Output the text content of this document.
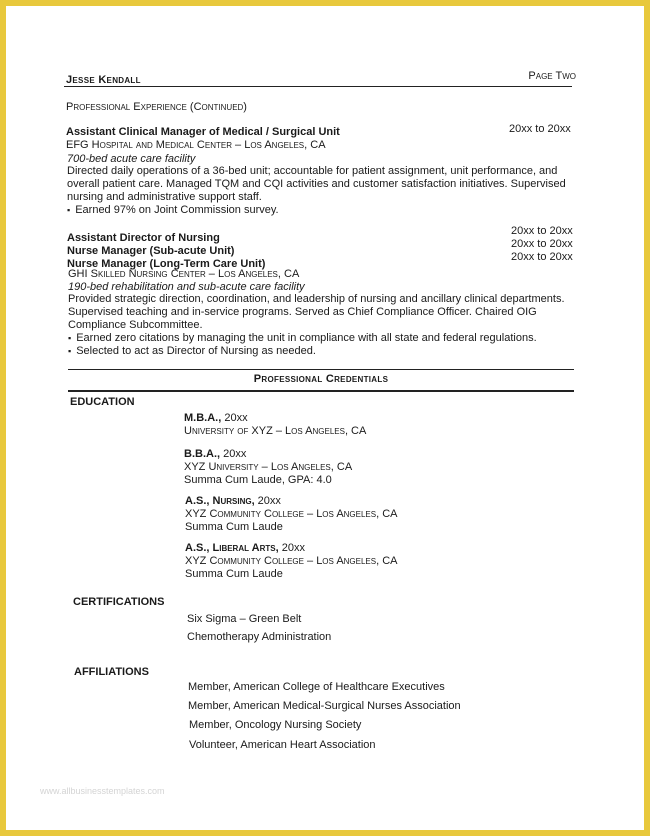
Jesse Kendall	Page Two
Professional Experience (Continued)
Assistant Clinical Manager of Medical / Surgical Unit	20xx to 20xx
EFG Hospital and Medical Center – Los Angeles, CA
700-bed acute care facility
Directed daily operations of a 36-bed unit; accountable for patient assignment, unit performance, and
overall patient care. Managed TQM and CQI activities and customer satisfaction initiatives. Supervised
nursing and administrative support staff.
▪ Earned 97% on Joint Commission survey.
Assistant Director of Nursing
Nurse Manager (Sub-acute Unit)
Nurse Manager (Long-Term Care Unit)
20xx to 20xx
20xx to 20xx
20xx to 20xx
GHI Skilled Nursing Center – Los Angeles, CA
190-bed rehabilitation and sub-acute care facility
Provided strategic direction, coordination, and leadership of nursing and ancillary clinical departments.
Supervised teaching and in-service programs. Served as Chief Compliance Officer. Chaired OIG
Compliance Subcommittee.
▪ Earned zero citations by managing the unit in compliance with all state and federal regulations.
▪ Selected to act as Director of Nursing as needed.
Professional Credentials
EDUCATION
M.B.A., 20xx
University of XYZ – Los Angeles, CA
B.B.A., 20xx
XYZ University – Los Angeles, CA
Summa Cum Laude, GPA: 4.0
A.S., Nursing, 20xx
XYZ Community College – Los Angeles, CA
Summa Cum Laude
A.S., Liberal Arts, 20xx
XYZ Community College – Los Angeles, CA
Summa Cum Laude
CERTIFICATIONS
Six Sigma – Green Belt
Chemotherapy Administration
AFFILIATIONS
Member, American College of Healthcare Executives
Member, American Medical-Surgical Nurses Association
Member, Oncology Nursing Society
Volunteer, American Heart Association
www.allbusinesstemplates.com
